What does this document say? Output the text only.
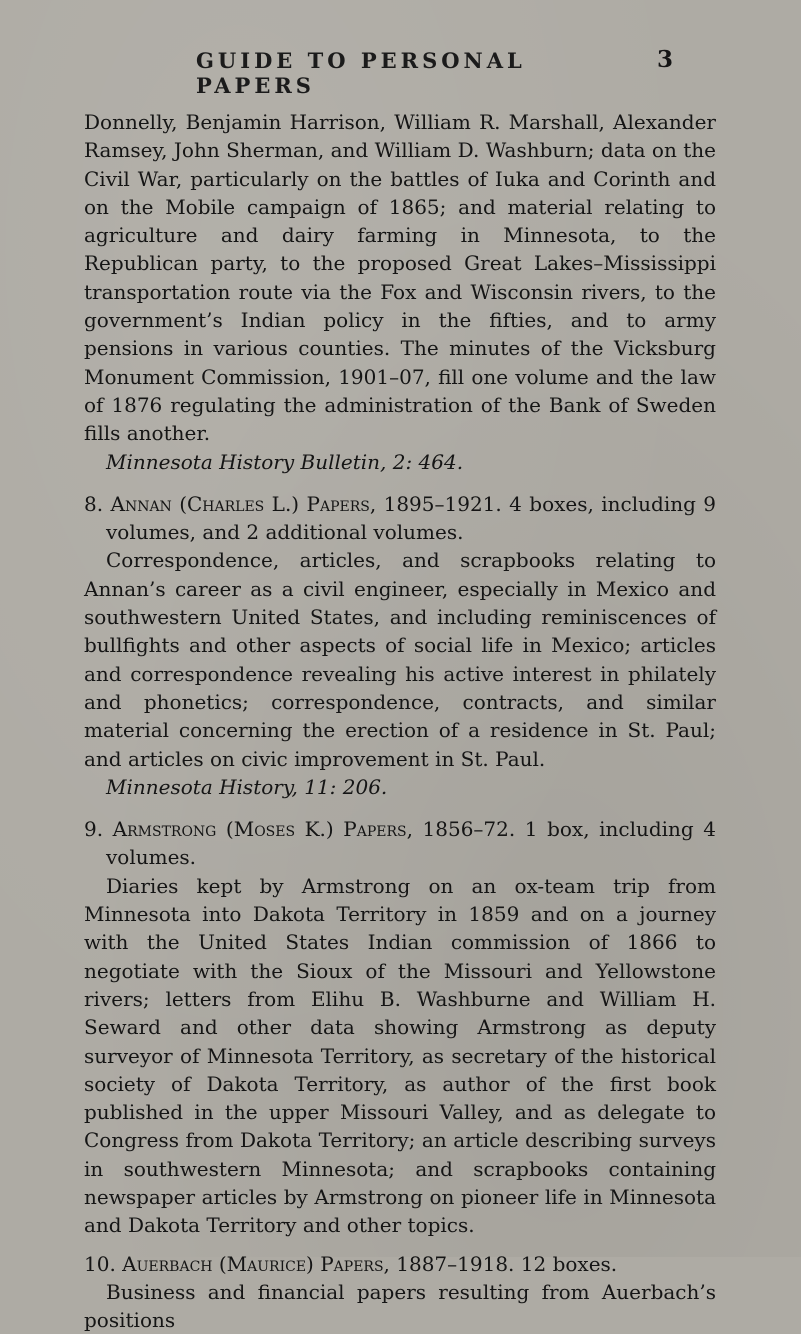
GUIDE TO PERSONAL PAPERS
3

Donnelly, Benjamin Harrison, William R. Marshall, Alexander Ramsey, John Sherman, and William D. Washburn; data on the Civil War, particularly on the battles of Iuka and Corinth and on the Mobile campaign of 1865; and material relating to agriculture and dairy farming in Minnesota, to the Republican party, to the proposed Great Lakes–Mississippi transportation route via the Fox and Wisconsin rivers, to the government’s Indian policy in the fifties, and to army pensions in various counties. The minutes of the Vicksburg Monument Commission, 1901–07, fill one volume and the law of 1876 regulating the administration of the Bank of Sweden fills another.

Minnesota History Bulletin, 2: 464.

8. Annan (Charles L.) Papers, 1895–1921. 4 boxes, including 9 volumes, and 2 additional volumes.

Correspondence, articles, and scrapbooks relating to Annan’s career as a civil engineer, especially in Mexico and southwestern United States, and including reminiscences of bullfights and other aspects of social life in Mexico; articles and correspondence revealing his active interest in philately and phonetics; correspondence, contracts, and similar material concerning the erection of a residence in St. Paul; and articles on civic improvement in St. Paul.

Minnesota History, 11: 206.

9. Armstrong (Moses K.) Papers, 1856–72. 1 box, including 4 volumes.

Diaries kept by Armstrong on an ox-team trip from Minnesota into Dakota Territory in 1859 and on a journey with the United States Indian commission of 1866 to negotiate with the Sioux of the Missouri and Yellowstone rivers; letters from Elihu B. Washburne and William H. Seward and other data showing Armstrong as deputy surveyor of Minnesota Territory, as secretary of the historical society of Dakota Territory, as author of the first book published in the upper Missouri Valley, and as delegate to Congress from Dakota Territory; an article describing surveys in southwestern Minnesota; and scrapbooks containing newspaper articles by Armstrong on pioneer life in Minnesota and Dakota Territory and other topics.

10. Auerbach (Maurice) Papers, 1887–1918. 12 boxes.

Business and financial papers resulting from Auerbach’s positions
